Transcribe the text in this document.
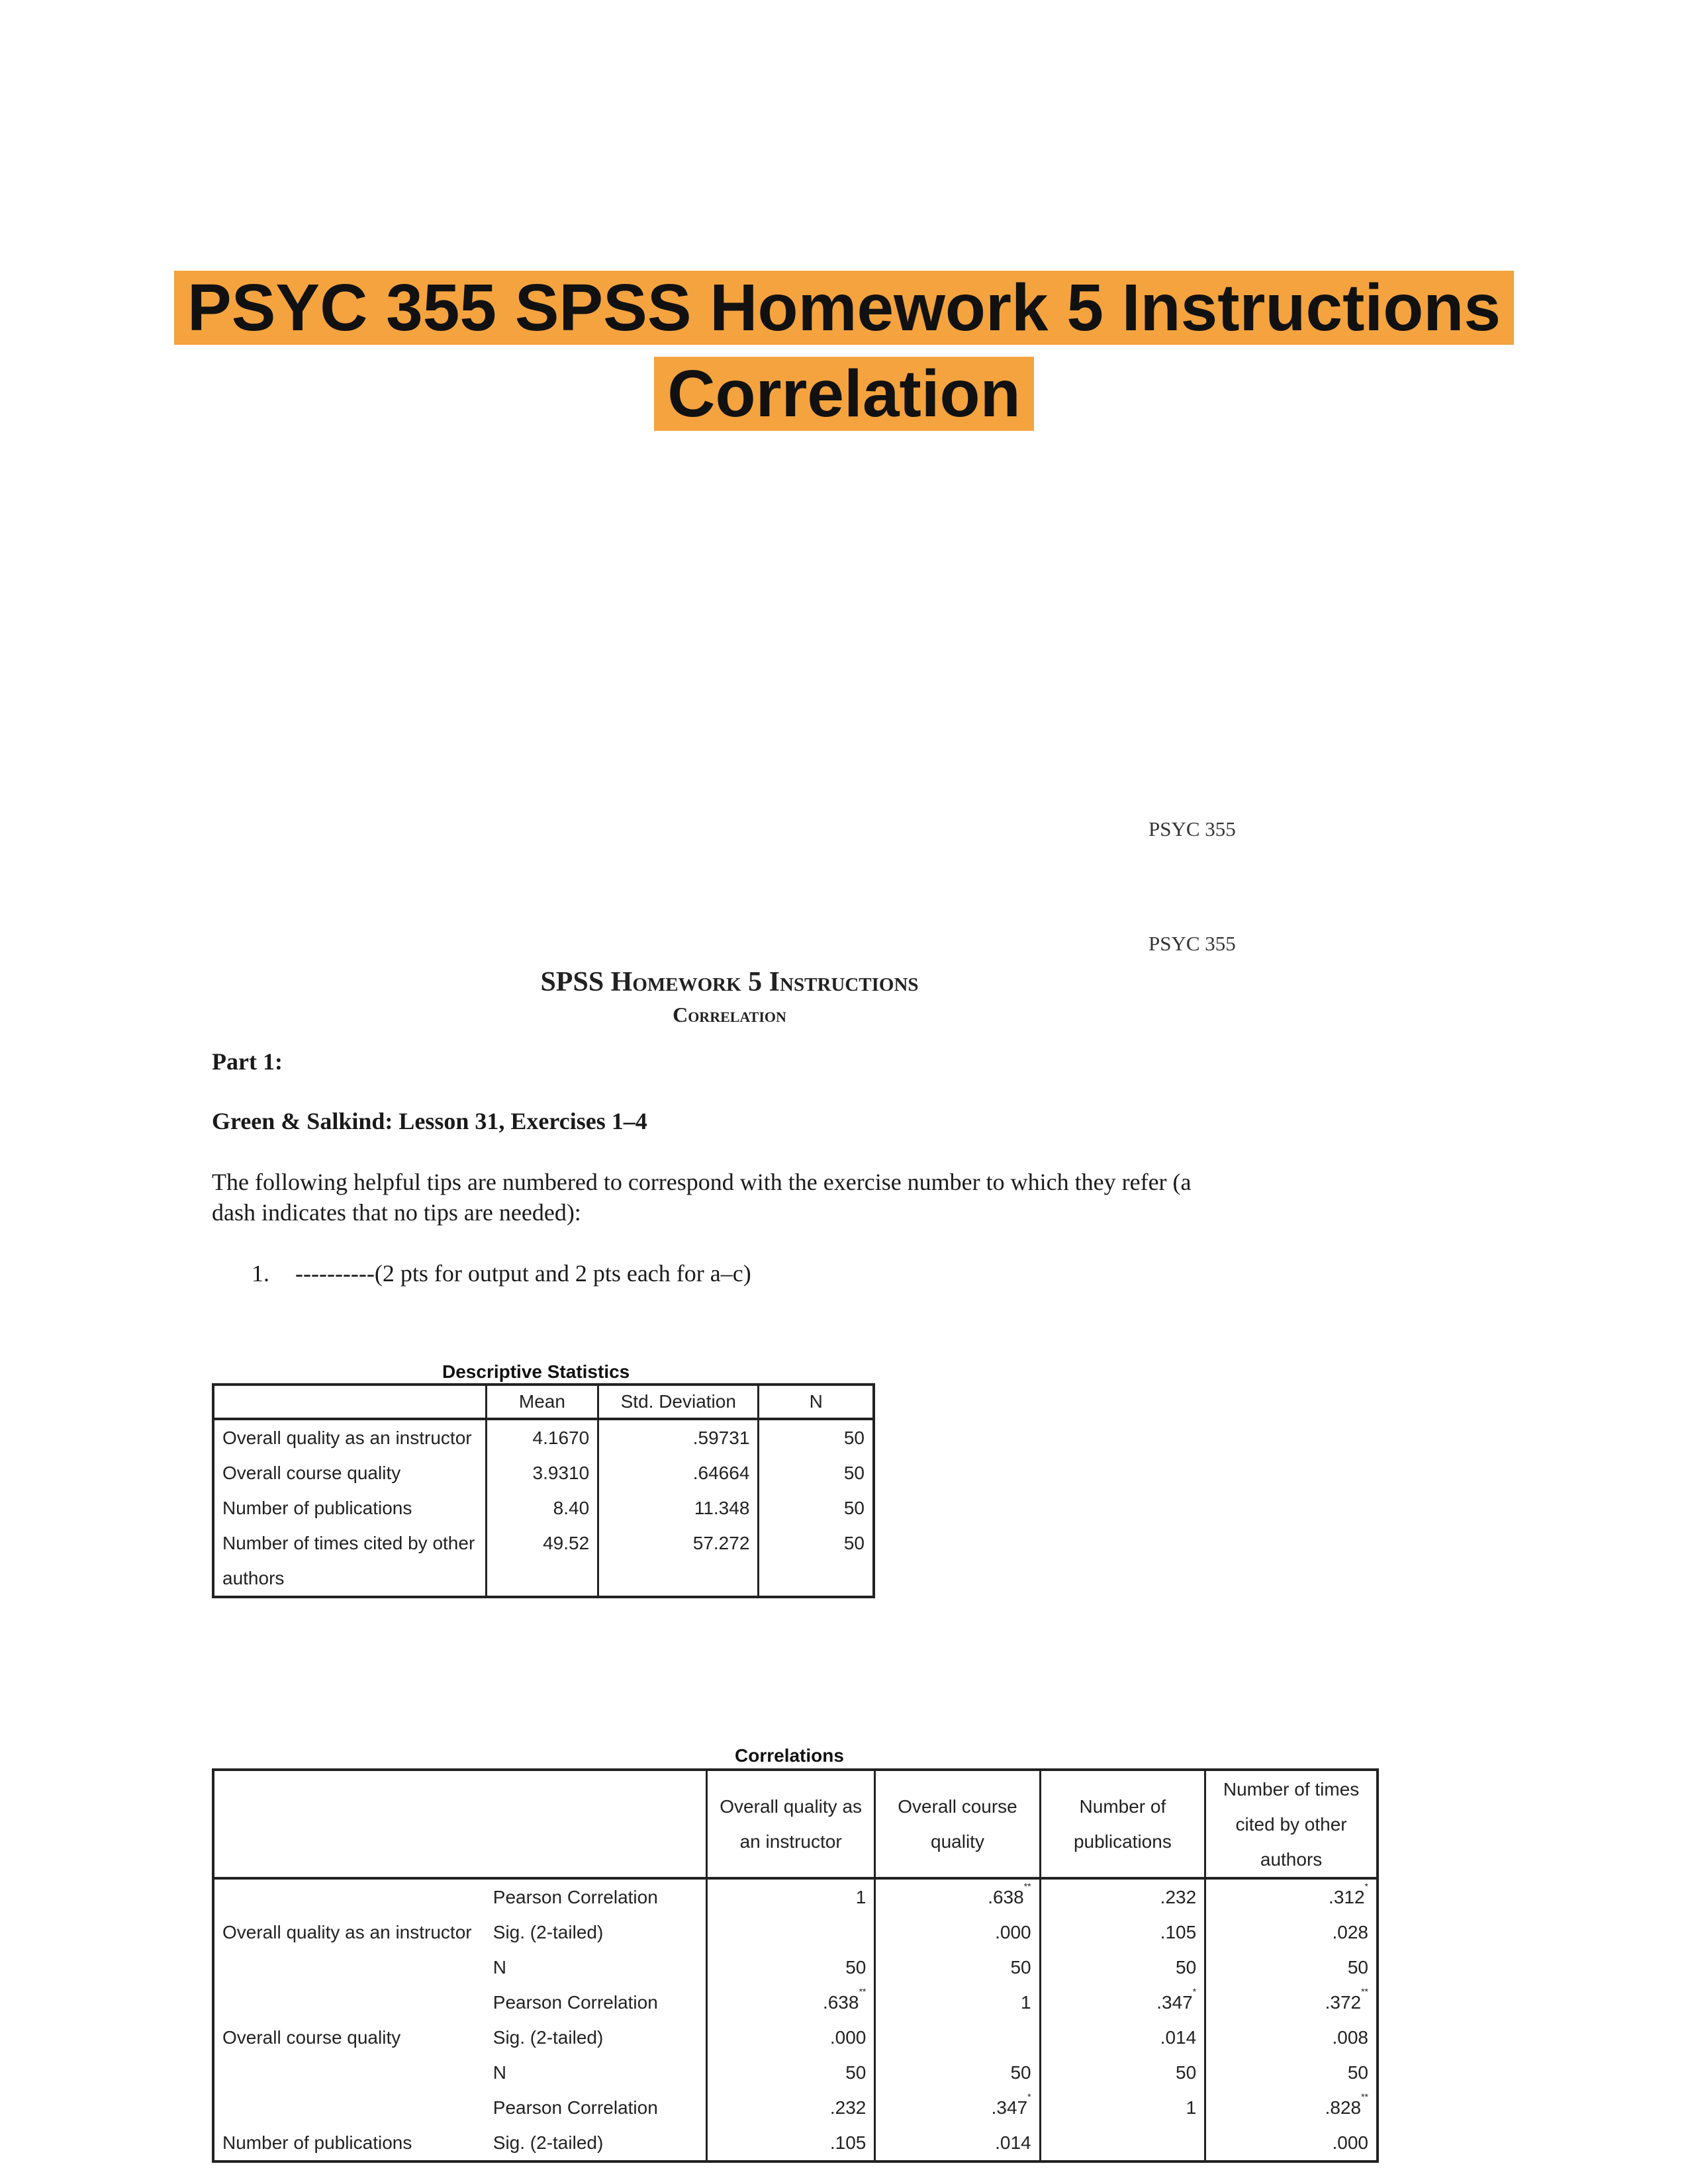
PSYC 355 SPSS Homework 5 Instructions
Correlation
PSYC 355
PSYC 355
SPSS Homework 5 Instructions
Correlation
Part 1:
Green & Salkind: Lesson 31, Exercises 1–4
The following helpful tips are numbered to correspond with the exercise number to which they refer (a dash indicates that no tips are needed):
1. ----------(2 pts for output and 2 pts each for a–c)
Descriptive Statistics
	Mean	Std. Deviation	N
Overall quality as an instructor	4.1670	.59731	50
Overall course quality	3.9310	.64664	50
Number of publications	8.40	11.348	50
Number of times cited by other authors	49.52	57.272	50
Correlations
		Overall quality as an instructor	Overall course quality	Number of publications	Number of times cited by other authors
Overall quality as an instructor	Pearson Correlation	1	.638**	.232	.312*
	Sig. (2-tailed)		.000	.105	.028
	N	50	50	50	50
Overall course quality	Pearson Correlation	.638**	1	.347*	.372**
	Sig. (2-tailed)	.000		.014	.008
	N	50	50	50	50
Number of publications	Pearson Correlation	.232	.347*	1	.828**
	Sig. (2-tailed)	.105	.014		.000
